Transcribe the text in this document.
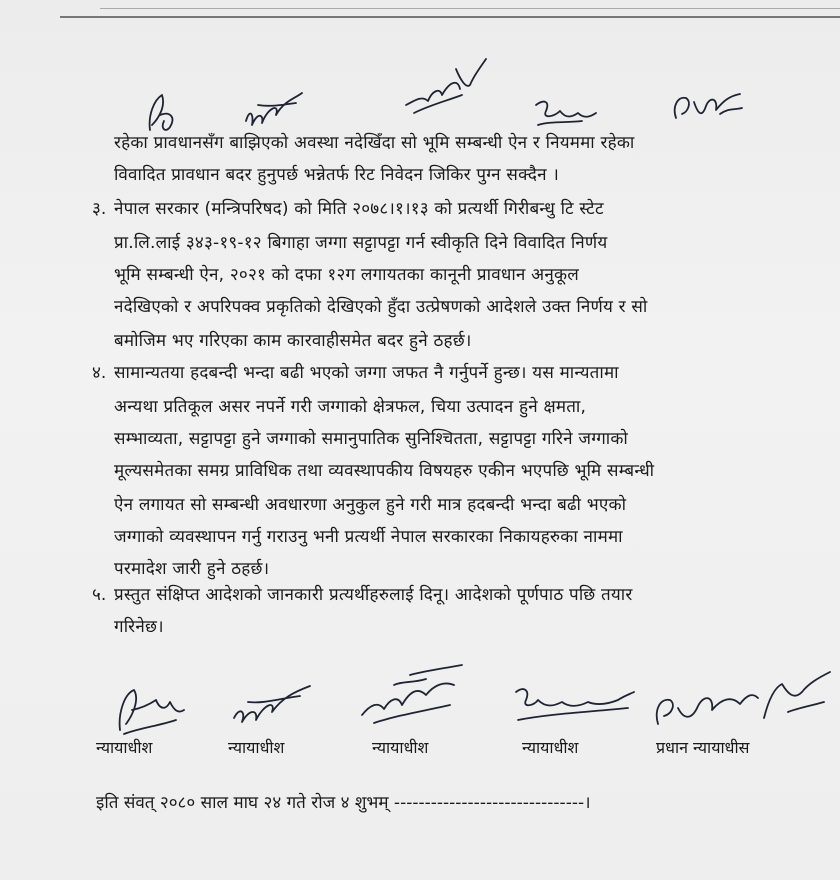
रहेका प्रावधानसँग बाझिएको अवस्था नदेखिँदा सो भूमि सम्बन्धी ऐन र नियममा रहेका
विवादित प्रावधान बदर हुनुपर्छ भन्नेतर्फ रिट निवेदन जिकिर पुग्न सक्दैन ।
३. नेपाल सरकार (मन्त्रिपरिषद) को मिति २०७८।१।१३ को प्रत्यर्थी गिरीबन्धु टि स्टेट
प्रा.लि.लाई ३४३-१९-१२ बिगाहा जग्गा सट्टापट्टा गर्न स्वीकृति दिने विवादित निर्णय
भूमि सम्बन्धी ऐन, २०२१ को दफा १२ग लगायतका कानूनी प्रावधान अनुकूल
नदेखिएको र अपरिपक्व प्रकृतिको देखिएको हुँदा उत्प्रेषणको आदेशले उक्त निर्णय र सो
बमोजिम भए गरिएका काम कारवाहीसमेत बदर हुने ठहर्छ।
४. सामान्यतया हदबन्दी भन्दा बढी भएको जग्गा जफत नै गर्नुपर्ने हुन्छ। यस मान्यतामा
अन्यथा प्रतिकूल असर नपर्ने गरी जग्गाको क्षेत्रफल, चिया उत्पादन हुने क्षमता,
सम्भाव्यता, सट्टापट्टा हुने जग्गाको समानुपातिक सुनिश्चितता, सट्टापट्टा गरिने जग्गाको
मूल्यसमेतका समग्र प्राविधिक तथा व्यवस्थापकीय विषयहरु एकीन भएपछि भूमि सम्बन्धी
ऐन लगायत सो सम्बन्धी अवधारणा अनुकुल हुने गरी मात्र हदबन्दी भन्दा बढी भएको
जग्गाको व्यवस्थापन गर्नु गराउनु भनी प्रत्यर्थी नेपाल सरकारका निकायहरुका नाममा
परमादेश जारी हुने ठहर्छ।
५. प्रस्तुत संक्षिप्त आदेशको जानकारी प्रत्यर्थीहरुलाई दिनू। आदेशको पूर्णपाठ पछि तयार
गरिनेछ।
न्यायाधीश	न्यायाधीश	न्यायाधीश	न्यायाधीश	प्रधान न्यायाधीस
इति संवत् २०८० साल माघ २४ गते रोज ४ शुभम् -------------------------------।
